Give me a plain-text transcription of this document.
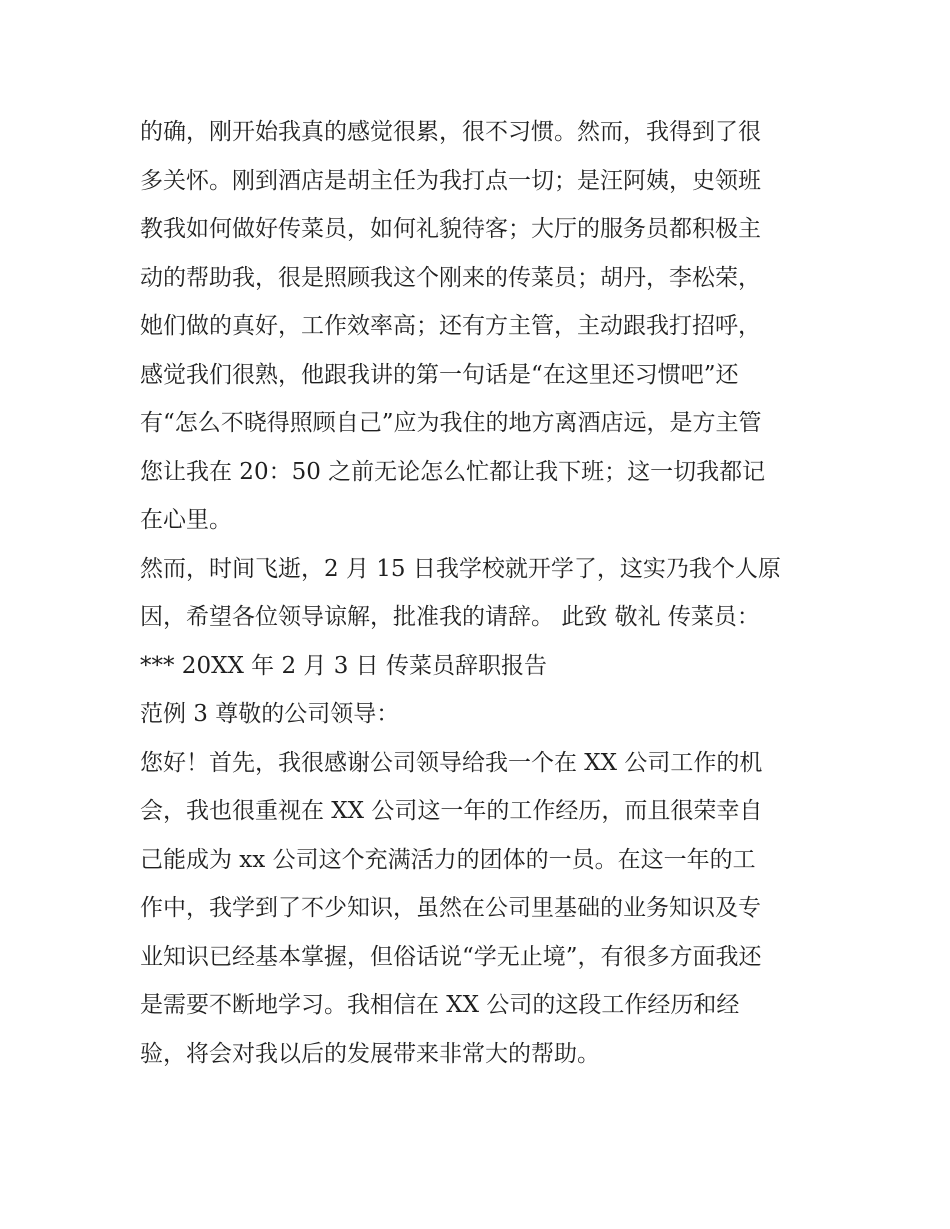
的确，刚开始我真的感觉很累，很不习惯。然而，我得到了很
多关怀。刚到酒店是胡主任为我打点一切；是汪阿姨，史领班
教我如何做好传菜员，如何礼貌待客；大厅的服务员都积极主
动的帮助我，很是照顾我这个刚来的传菜员；胡丹，李松荣，
她们做的真好，工作效率高；还有方主管，主动跟我打招呼，
感觉我们很熟，他跟我讲的第一句话是“在这里还习惯吧”还
有“怎么不晓得照顾自己”应为我住的地方离酒店远，是方主管
您让我在 20：50 之前无论怎么忙都让我下班；这一切我都记
在心里。
然而，时间飞逝，2 月 15 日我学校就开学了，这实乃我个人原
因，希望各位领导谅解，批准我的请辞。 此致 敬礼 传菜员：
*** 20XX 年 2 月 3 日 传菜员辞职报告
范例 3 尊敬的公司领导：
您好！首先，我很感谢公司领导给我一个在 XX 公司工作的机
会，我也很重视在 XX 公司这一年的工作经历，而且很荣幸自
己能成为 xx 公司这个充满活力的团体的一员。在这一年的工
作中，我学到了不少知识，虽然在公司里基础的业务知识及专
业知识已经基本掌握，但俗话说“学无止境”，有很多方面我还
是需要不断地学习。我相信在 XX 公司的这段工作经历和经
验，将会对我以后的发展带来非常大的帮助。
